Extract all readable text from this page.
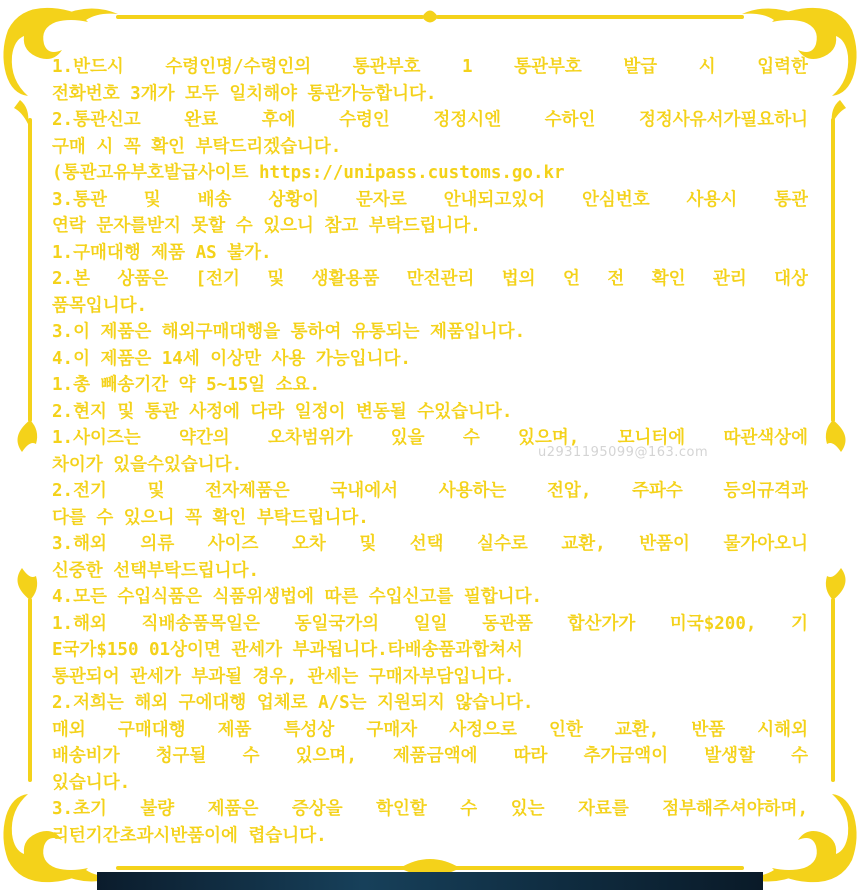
1.반드시 수령인명/수령인의 통관부호 1 통관부호 발급 시 입력한
전화번호 3개가 모두 일치해야 통관가능합니다.
2.통관신고 완료 후에 수령인 정정시엔 수하인 정정사유서가필요하니
구매 시 꼭 확인 부탁드리겠습니다.
(통관고유부호발급사이트 https://unipass.customs.go.kr
3.통관 및 배송 상황이 문자로 안내되고있어 안심번호 사용시 통관
연락 문자를받지 못할 수 있으니 참고 부탁드립니다.
1.구매대행 제품 AS 불가.
2.본 상품은 [전기 및 생활용품 만전관리 법의 언 전 확인 관리 대상
품목입니다.
3.이 제품은 해외구매대행을 통하여 유통되는 제품입니다.
4.이 제품은 14세 이상만 사용 가능입니다.
1.총 빼송기간 약 5~15일 소요.
2.현지 및 통관 사정에 다라 일정이 변동될 수있습니다.
1.사이즈는 약간의 오차범위가 있을 수 있으며, 모니터에 따관색상에
차이가 있을수있습니다.
2.전기 및 전자제품은 국내에서 사용하는 전압, 주파수 등의규격과
다를 수 있으니 꼭 확인 부탁드립니다.
3.해외 의류 사이즈 오차 및 선택 실수로 교환, 반품이 물가아오니
신중한 선택부탁드립니다.
4.모든 수입식품은 식품위생법에 따른 수입신고를 필합니다.
1.해외 직배송품목일은 동일국가의 일일 동관품 합산가가 미국$200, 기
E국가$150 01상이면 관세가 부과됩니다.타배송품과합쳐서
통관되어 관세가 부과될 경우, 관세는 구매자부담입니다.
2.저희는 해외 구에대행 업체로 A/S는 지원되지 않습니다.
매외 구매대행 제품 특성상 구매자 사정으로 인한 교환, 반품 시해외
배송비가 청구될 수 있으며, 제품금액에 따라 추가금액이 발생할 수
있습니다.
3.초기 불량 제품은 증상을 학인할 수 있는 자료를 점부해주셔야하며,
리턴기간초과시반품이에 렵습니다.
u2931195099@163.com
